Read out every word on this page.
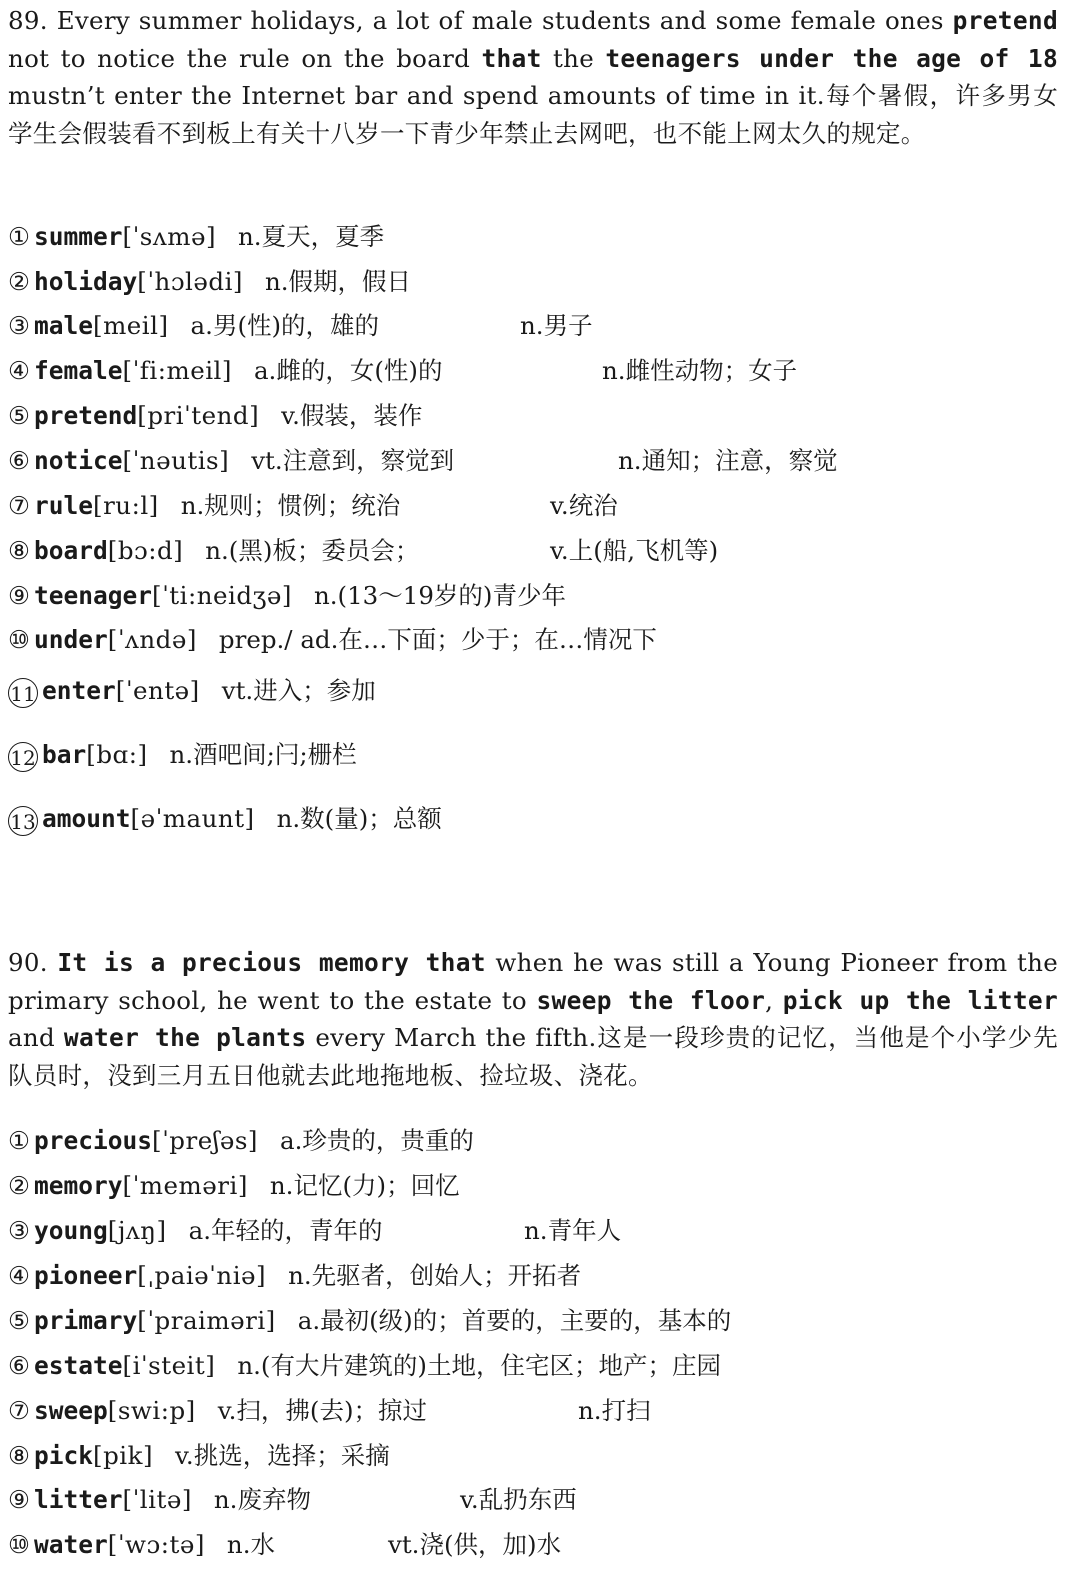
89. Every summer holidays, a lot of male students and some female ones pretend not to notice the rule on the board that the teenagers under the age of 18 mustn’t enter the Internet bar and spend amounts of time in it.每个暑假，许多男女学生会假装看不到板上有关十八岁一下青少年禁止去网吧，也不能上网太久的规定。

① summer[ˈsʌmə] n.夏天，夏季
② holiday[ˈhɔlədi] n.假期，假日
③ male[meil] a.男(性)的，雄的	n.男子
④ female[ˈfi:meil] a.雌的，女(性)的	n.雌性动物；女子
⑤ pretend[priˈtend] v.假装，装作
⑥ notice[ˈnəutis] vt.注意到，察觉到	n.通知；注意，察觉
⑦ rule[ru:l] n.规则；惯例；统治	v.统治
⑧ board[bɔ:d] n.(黑)板；委员会；	v.上(船,飞机等)
⑨ teenager[ˈti:neidʒə] n.(13～19岁的)青少年
⑩ under[ˈʌndə] prep./ ad.在…下面；少于；在…情况下
11 enter[ˈentə] vt.进入；参加
12 bar[bɑ:] n.酒吧间;闩;栅栏
13 amount[əˈmaunt] n.数(量)；总额

90. It is a precious memory that when he was still a Young Pioneer from the primary school, he went to the estate to sweep the floor, pick up the litter and water the plants every March the fifth.这是一段珍贵的记忆，当他是个小学少先队员时，没到三月五日他就去此地拖地板、捡垃圾、浇花。

① precious[ˈpreʃəs] a.珍贵的，贵重的
② memory[ˈmeməri] n.记忆(力)；回忆
③ young[jʌŋ] a.年轻的，青年的	n.青年人
④ pioneer[ˌpaiəˈniə] n.先驱者，创始人；开拓者
⑤ primary[ˈpraiməri] a.最初(级)的；首要的，主要的，基本的
⑥ estate[iˈsteit] n.(有大片建筑的)土地，住宅区；地产；庄园
⑦ sweep[swi:p] v.扫，拂(去)；掠过	n.打扫
⑧ pick[pik] v.挑选，选择；采摘
⑨ litter[ˈlitə] n.废弃物	v.乱扔东西
⑩ water[ˈwɔ:tə] n.水	vt.浇(供，加)水
